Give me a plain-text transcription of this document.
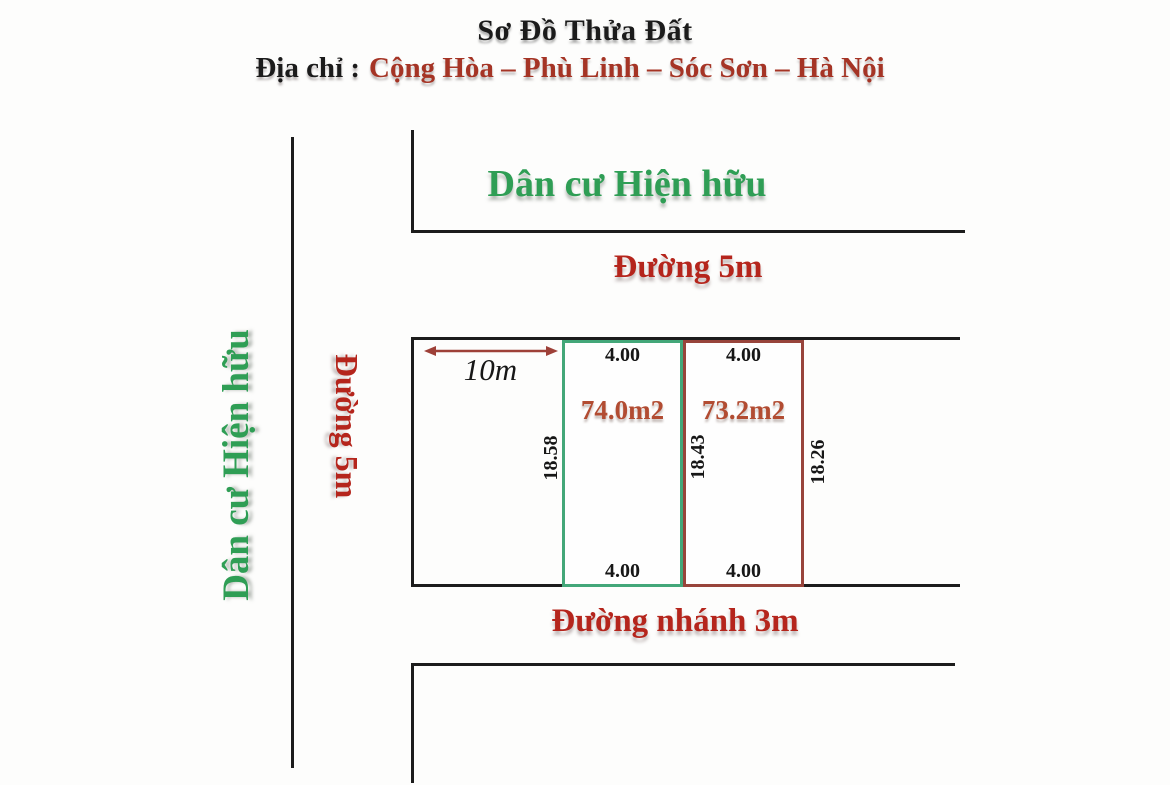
Sơ Đồ Thửa Đất
Địa chỉ : Cộng Hòa – Phù Linh – Sóc Sơn – Hà Nội
Dân cư Hiện hữu
Dân cư Hiện hữu
Đường 5m
Đường 5m
Đường nhánh 3m
10m	4.00
74.0m2
4.00
4.00
73.2m2
4.00
18.58	18.43	18.26
